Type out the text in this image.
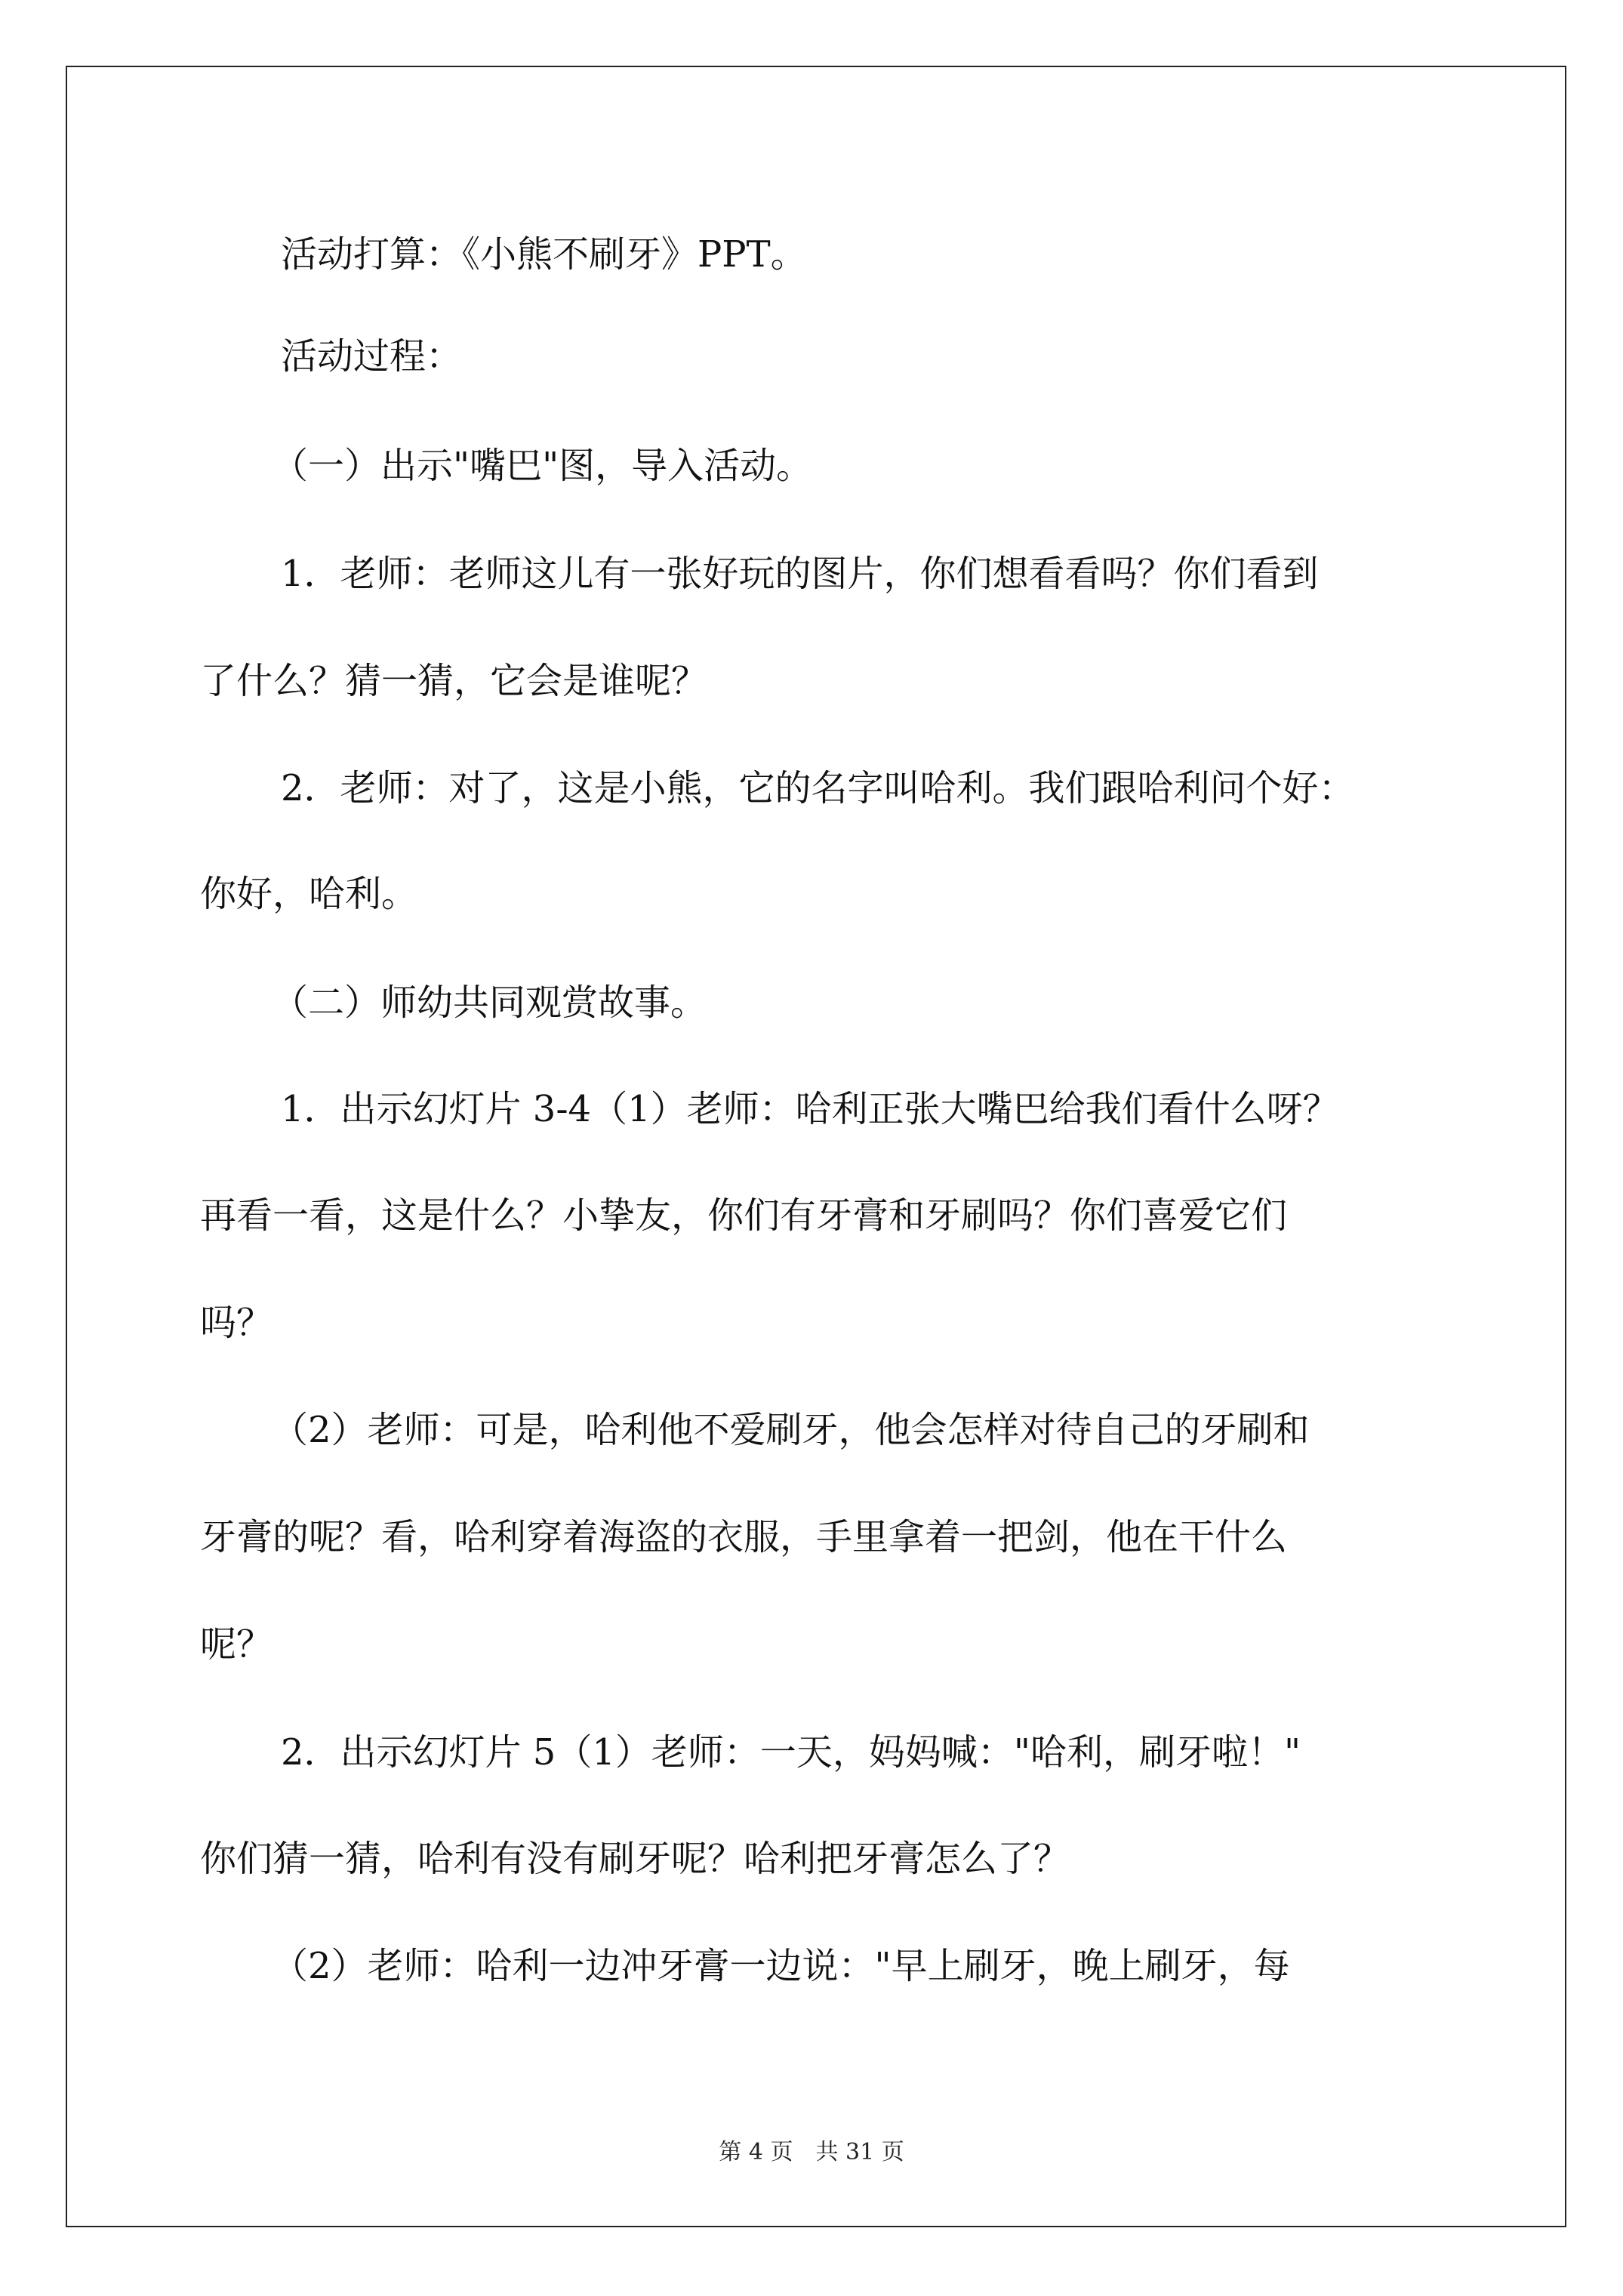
活动打算：《小熊不刷牙》PPT。

活动过程：

（一）出示"嘴巴"图，导入活动。

1．老师：老师这儿有一张好玩的图片，你们想看看吗？你们看到

了什么？猜一猜，它会是谁呢？

2．老师：对了，这是小熊，它的名字叫哈利。我们跟哈利问个好：

你好，哈利。

（二）师幼共同观赏故事。

1．出示幻灯片 3-4（1）老师：哈利正张大嘴巴给我们看什么呀？

再看一看，这是什么？小挚友，你们有牙膏和牙刷吗？你们喜爱它们

吗？

（2）老师：可是，哈利他不爱刷牙，他会怎样对待自己的牙刷和

牙膏的呢？看，哈利穿着海盗的衣服，手里拿着一把剑，他在干什么

呢？

2．出示幻灯片 5（1）老师：一天，妈妈喊："哈利，刷牙啦！"

你们猜一猜，哈利有没有刷牙呢？哈利把牙膏怎么了？

（2）老师：哈利一边冲牙膏一边说："早上刷牙，晚上刷牙，每

第 4 页　共 31 页
